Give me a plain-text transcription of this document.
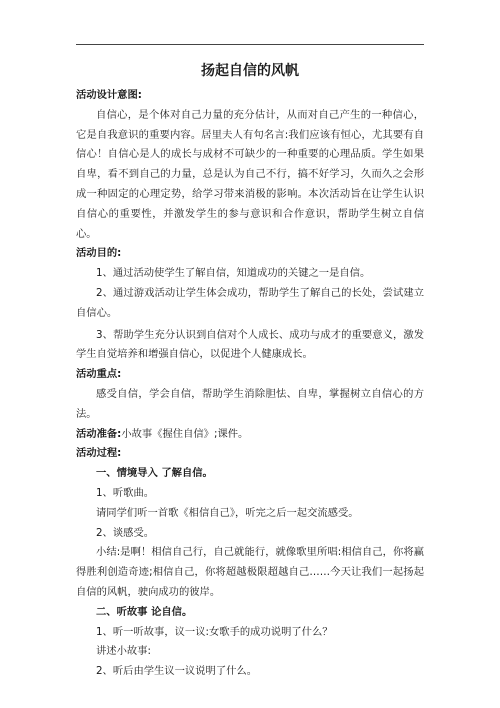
扬起自信的风帆

活动设计意图:

自信心，是个体对自己力量的充分估计，从而对自己产生的一种信心，它是自我意识的重要内容。居里夫人有句名言:我们应该有恒心，尤其要有自信心！自信心是人的成长与成材不可缺少的一种重要的心理品质。学生如果自卑，看不到自己的力量，总是认为自己不行，搞不好学习，久而久之会形成一种固定的心理定势，给学习带来消极的影响。本次活动旨在让学生认识自信心的重要性，并激发学生的参与意识和合作意识，帮助学生树立自信心。

活动目的:

1、通过活动使学生了解自信，知道成功的关键之一是自信。

2、通过游戏活动让学生体会成功，帮助学生了解自己的长处，尝试建立自信心。

3、帮助学生充分认识到自信对个人成长、成功与成才的重要意义，激发学生自觉培养和增强自信心，以促进个人健康成长。

活动重点:

感受自信，学会自信，帮助学生消除胆怯、自卑，掌握树立自信心的方法。

活动准备:小故事《握住自信》;课件。

活动过程:

一、情境导入 了解自信。

1、听歌曲。

请同学们听一首歌《相信自己》，听完之后一起交流感受。

2、谈感受。

小结:是啊！相信自己行，自己就能行，就像歌里所唱:相信自己，你将赢得胜利创造奇迹;相信自己，你将超越极限超越自己……今天让我们一起扬起自信的风帆，驶向成功的彼岸。

二、听故事 论自信。

1、听一听故事，议一议:女歌手的成功说明了什么？

讲述小故事:

2、听后由学生议一议说明了什么。
